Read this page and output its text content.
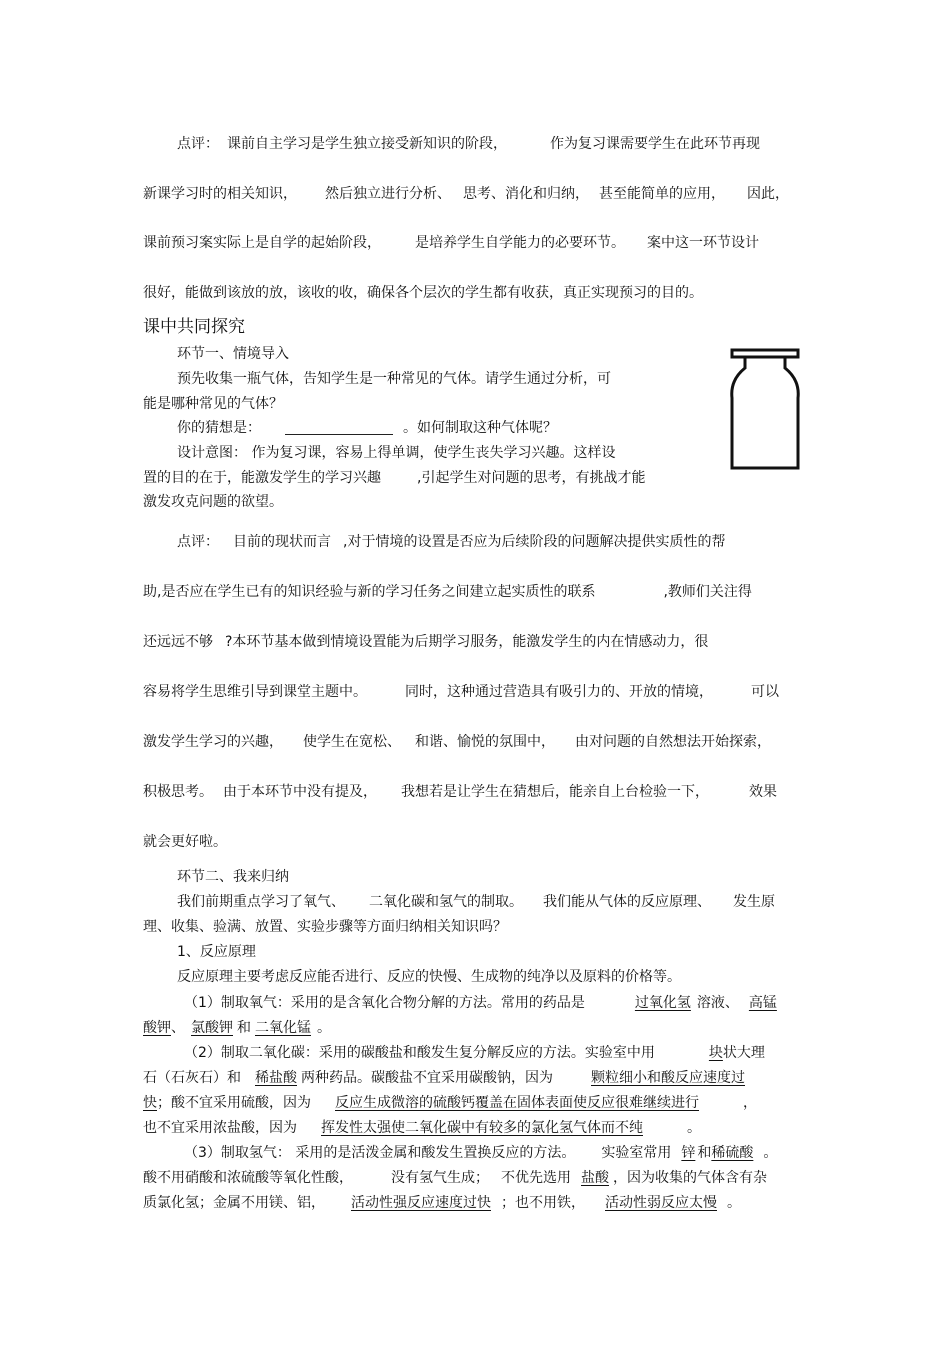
点评： 课前自主学习是学生独立接受新知识的阶段，	作为复习课需要学生在此环节再现
新课学习时的相关知识， 然后独立进行分析、 思考、消化和归纳， 甚至能简单的应用， 因此，
课前预习案实际上是自学的起始阶段， 是培养学生自学能力的必要环节。 案中这一环节设计
很好，能做到该放的放，该收的收，确保各个层次的学生都有收获，真正实现预习的目的。
课中共同探究
环节一、情境导入
预先收集一瓶气体，告知学生是一种常见的气体。请学生通过分析，可
能是哪种常见的气体？
你的猜想是：	。如何制取这种气体呢？
设计意图： 作为复习课，容易上得单调，使学生丧失学习兴趣。这样设
置的目的在于，能激发学生的学习兴趣	,引起学生对问题的思考，有挑战才能
激发攻克问题的欲望。
点评： 目前的现状而言 ,对于情境的设置是否应为后续阶段的问题解决提供实质性的帮
助,是否应在学生已有的知识经验与新的学习任务之间建立起实质性的联系	,教师们关注得
还远远不够 ?本环节基本做到情境设置能为后期学习服务，能激发学生的内在情感动力，很
容易将学生思维引导到课堂主题中。	同时，这种通过营造具有吸引力的、开放的情境，	可以
激发学生学习的兴趣， 使学生在宽松、 和谐、愉悦的氛围中， 由对问题的自然想法开始探索，
积极思考。 由于本环节中没有提及， 我想若是让学生在猜想后，能亲自上台检验一下，	效果
就会更好啦。
环节二、我来归纳
我们前期重点学习了氧气、 二氧化碳和氢气的制取。 我们能从气体的反应原理、 发生原
理、收集、验满、放置、实验步骤等方面归纳相关知识吗？
1、反应原理
反应原理主要考虑反应能否进行、反应的快慢、生成物的纯净以及原料的价格等。
（1）制取氧气：采用的是含氧化合物分解的方法。常用的药品是	过氧化氢 溶液、 高锰
酸钾、 氯酸钾 和 二氧化锰 。
（2）制取二氧化碳：采用的碳酸盐和酸发生复分解反应的方法。实验室中用	块状大理
石（石灰石）和 稀盐酸 两种药品。碳酸盐不宜采用碳酸钠，因为	颗粒细小和酸反应速度过
快；酸不宜采用硫酸，因为 反应生成微溶的硫酸钙覆盖在固体表面使反应很难继续进行	，
也不宜采用浓盐酸，因为 挥发性太强使二氧化碳中有较多的氯化氢气体而不纯	。
（3）制取氢气： 采用的是活泼金属和酸发生置换反应的方法。 实验室常用 锌 和稀硫酸 。
酸不用硝酸和浓硫酸等氧化性酸，	没有氢气生成； 不优先选用 盐酸 ，因为收集的气体含有杂
质氯化氢；金属不用镁、铝， 活动性强反应速度过快 ；也不用铁， 活动性弱反应太慢 。
